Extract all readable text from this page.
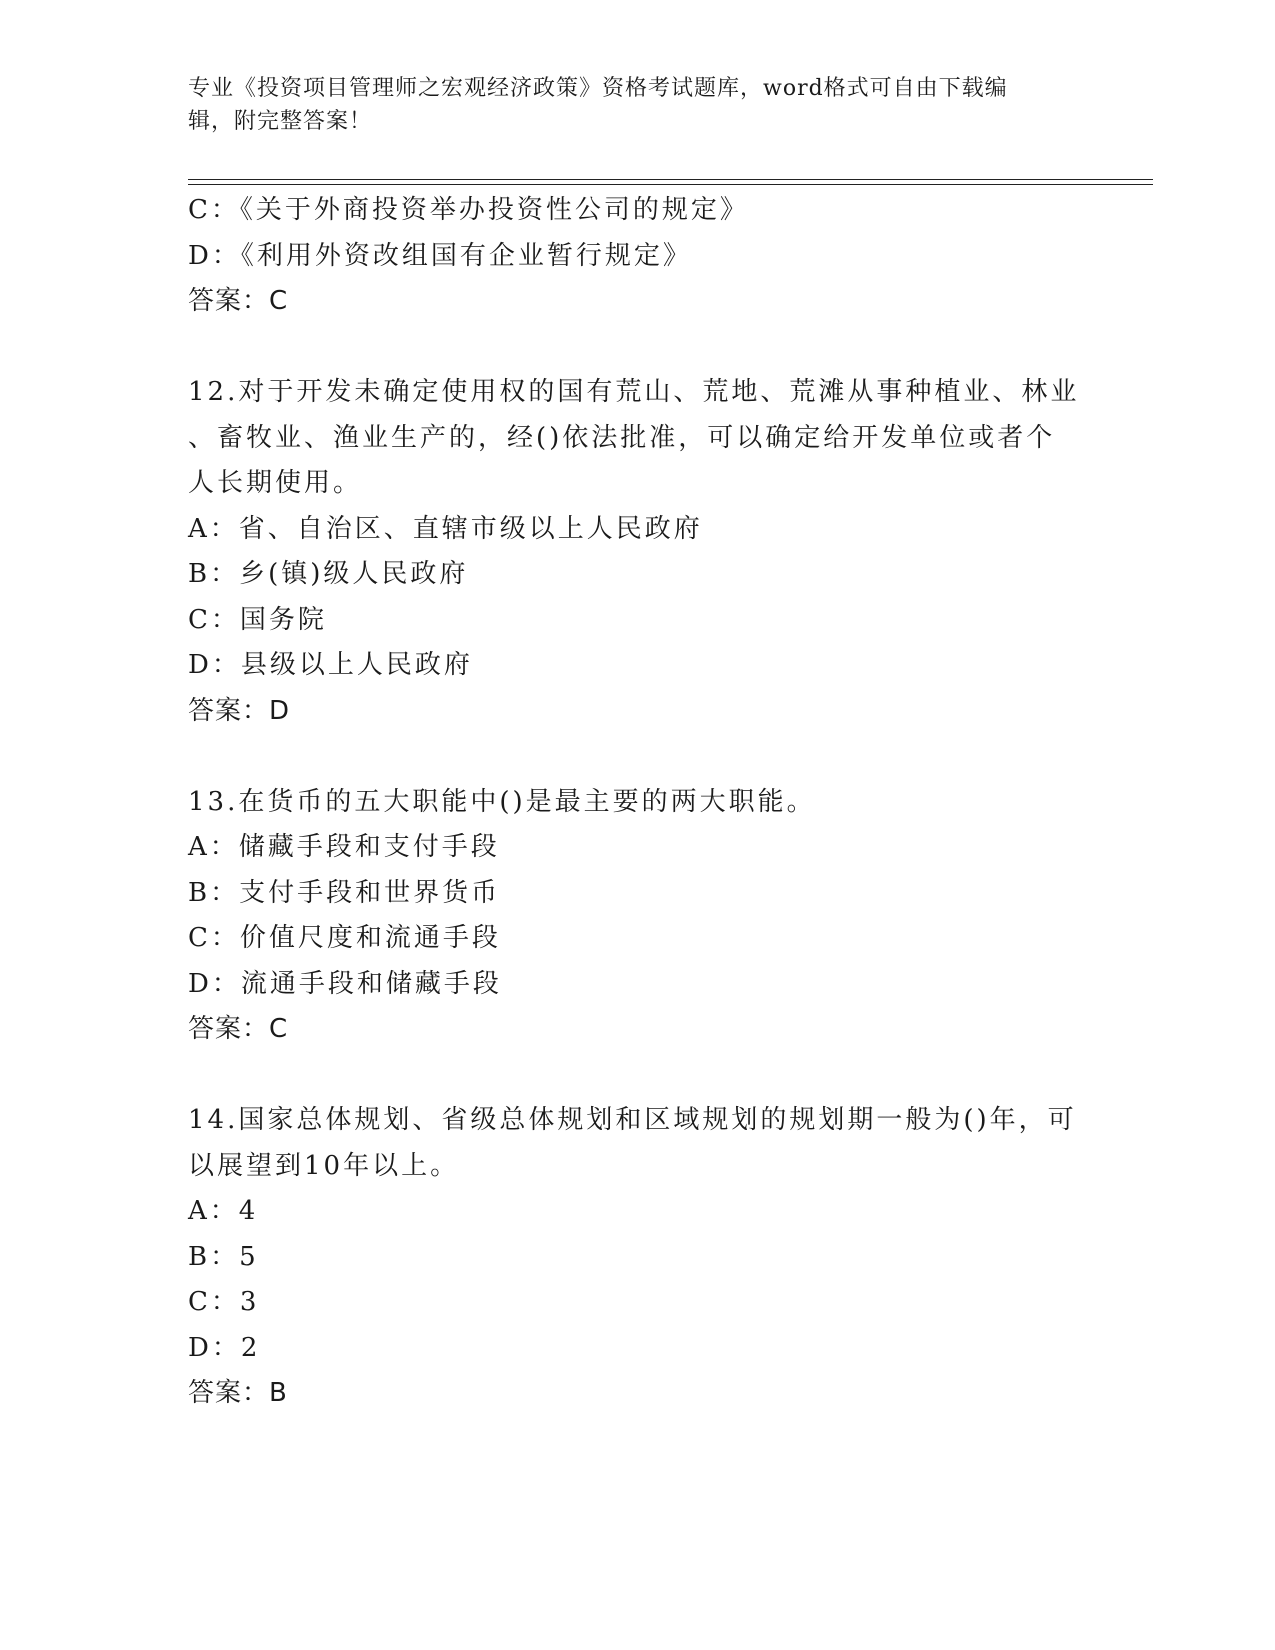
专业《投资项目管理师之宏观经济政策》资格考试题库，word格式可自由下载编
辑，附完整答案！
C：《关于外商投资举办投资性公司的规定》
D：《利用外资改组国有企业暂行规定》
答案：C
12.对于开发未确定使用权的国有荒山、荒地、荒滩从事种植业、林业
、畜牧业、渔业生产的，经()依法批准，可以确定给开发单位或者个
人长期使用。
A：省、自治区、直辖市级以上人民政府
B：乡(镇)级人民政府
C：国务院
D：县级以上人民政府
答案：D
13.在货币的五大职能中()是最主要的两大职能。
A：储藏手段和支付手段
B：支付手段和世界货币
C：价值尺度和流通手段
D：流通手段和储藏手段
答案：C
14.国家总体规划、省级总体规划和区域规划的规划期一般为()年，可
以展望到10年以上。
A：4
B：5
C：3
D：2
答案：B
